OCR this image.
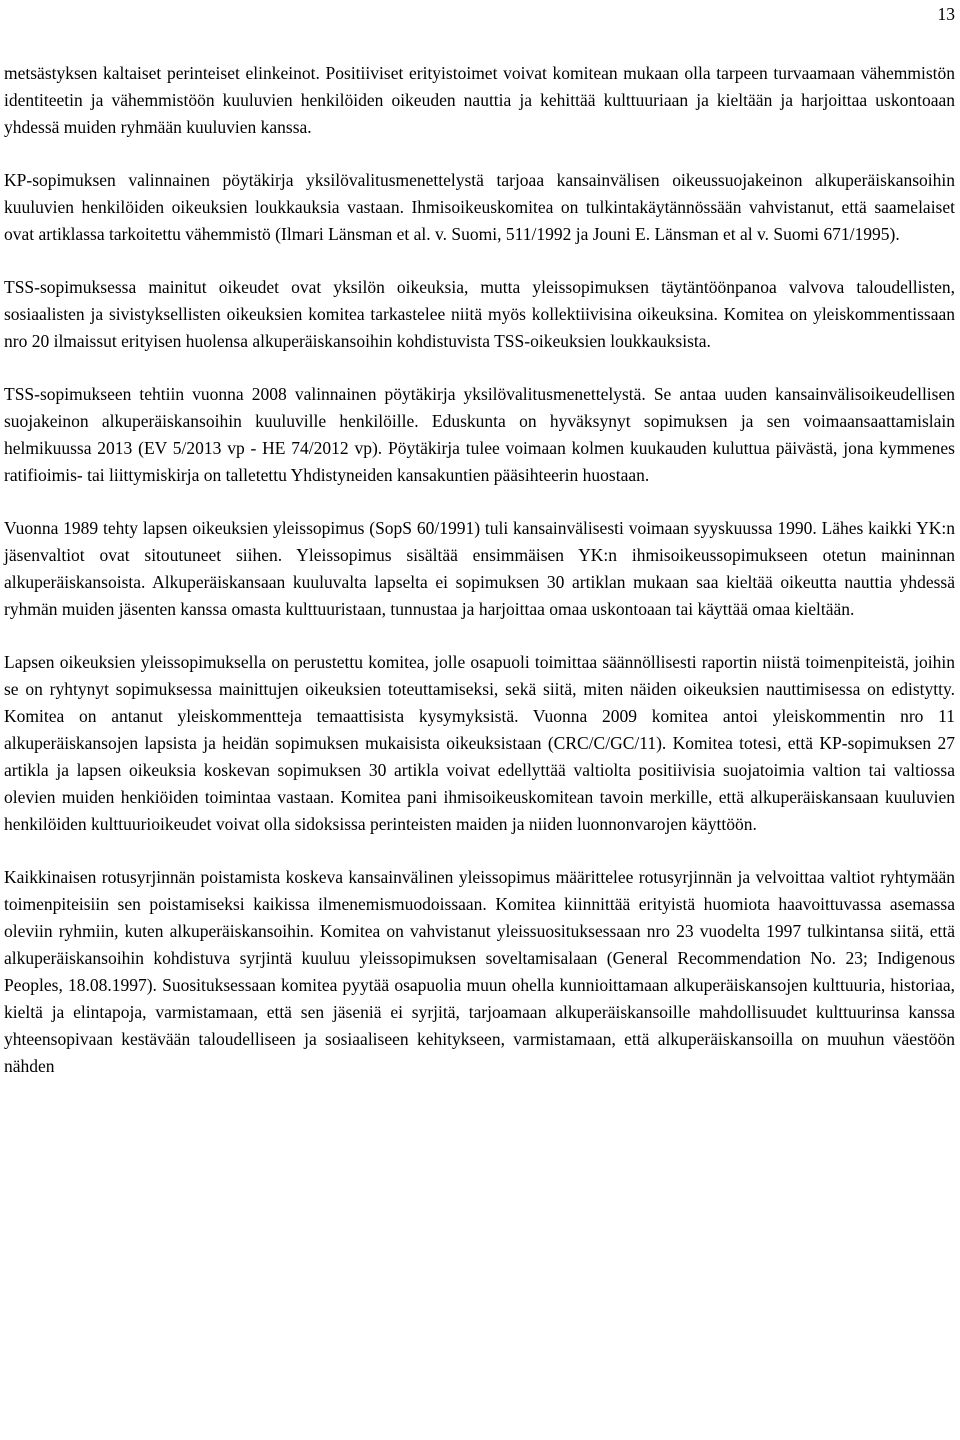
13

metsästyksen kaltaiset perinteiset elinkeinot. Positiiviset erityistoimet voivat komitean mukaan olla tarpeen turvaamaan vähemmistön identiteetin ja vähemmistöön kuuluvien henkilöiden oikeuden nauttia ja kehittää kulttuuriaan ja kieltään ja harjoittaa uskontoaan yhdessä muiden ryhmään kuuluvien kanssa.

KP-sopimuksen valinnainen pöytäkirja yksilövalitusmenettelystä tarjoaa kansainvälisen oikeussuojakeinon alkuperäiskansoihin kuuluvien henkilöiden oikeuksien loukkauksia vastaan. Ihmisoikeuskomitea on tulkintakäytännössään vahvistanut, että saamelaiset ovat artiklassa tarkoitettu vähemmistö (Ilmari Länsman et al. v. Suomi, 511/1992 ja Jouni E. Länsman et al v. Suomi 671/1995).

TSS-sopimuksessa mainitut oikeudet ovat yksilön oikeuksia, mutta yleissopimuksen täytäntöönpanoa valvova taloudellisten, sosiaalisten ja sivistyksellisten oikeuksien komitea tarkastelee niitä myös kollektiivisina oikeuksina. Komitea on yleiskommentissaan nro 20 ilmaissut erityisen huolensa alkuperäiskansoihin kohdistuvista TSS-oikeuksien loukkauksista.

TSS-sopimukseen tehtiin vuonna 2008 valinnainen pöytäkirja yksilövalitusmenettelystä. Se antaa uuden kansainvälisoikeudellisen suojakeinon alkuperäiskansoihin kuuluville henkilöille. Eduskunta on hyväksynyt sopimuksen ja sen voimaansaattamislain helmikuussa 2013 (EV 5/2013 vp - HE 74/2012 vp). Pöytäkirja tulee voimaan kolmen kuukauden kuluttua päivästä, jona kymmenes ratifioimis- tai liittymiskirja on talletettu Yhdistyneiden kansakuntien pääsihteerin huostaan.

Vuonna 1989 tehty lapsen oikeuksien yleissopimus (SopS 60/1991) tuli kansainvälisesti voimaan syyskuussa 1990. Lähes kaikki YK:n jäsenvaltiot ovat sitoutuneet siihen. Yleissopimus sisältää ensimmäisen YK:n ihmisoikeussopimukseen otetun maininnan alkuperäiskansoista. Alkuperäiskansaan kuuluvalta lapselta ei sopimuksen 30 artiklan mukaan saa kieltää oikeutta nauttia yhdessä ryhmän muiden jäsenten kanssa omasta kulttuuristaan, tunnustaa ja harjoittaa omaa uskontoaan tai käyttää omaa kieltään.

Lapsen oikeuksien yleissopimuksella on perustettu komitea, jolle osapuoli toimittaa säännöllisesti raportin niistä toimenpiteistä, joihin se on ryhtynyt sopimuksessa mainittujen oikeuksien toteuttamiseksi, sekä siitä, miten näiden oikeuksien nauttimisessa on edistytty. Komitea on antanut yleiskommentteja temaattisista kysymyksistä. Vuonna 2009 komitea antoi yleiskommentin nro 11 alkuperäiskansojen lapsista ja heidän sopimuksen mukaisista oikeuksistaan (CRC/C/GC/11). Komitea totesi, että KP-sopimuksen 27 artikla ja lapsen oikeuksia koskevan sopimuksen 30 artikla voivat edellyttää valtiolta positiivisia suojatoimia valtion tai valtiossa olevien muiden henkiöiden toimintaa vastaan. Komitea pani ihmisoikeuskomitean tavoin merkille, että alkuperäiskansaan kuuluvien henkilöiden kulttuurioikeudet voivat olla sidoksissa perinteisten maiden ja niiden luonnonvarojen käyttöön.

Kaikkinaisen rotusyrjinnän poistamista koskeva kansainvälinen yleissopimus määrittelee rotusyrjinnän ja velvoittaa valtiot ryhtymään toimenpiteisiin sen poistamiseksi kaikissa ilmenemismuodoissaan. Komitea kiinnittää erityistä huomiota haavoittuvassa asemassa oleviin ryhmiin, kuten alkuperäiskansoihin. Komitea on vahvistanut yleissuosituksessaan nro 23 vuodelta 1997 tulkintansa siitä, että alkuperäiskansoihin kohdistuva syrjintä kuuluu yleissopimuksen soveltamisalaan (General Recommendation No. 23; Indigenous Peoples, 18.08.1997). Suosituksessaan komitea pyytää osapuolia muun ohella kunnioittamaan alkuperäiskansojen kulttuuria, historiaa, kieltä ja elintapoja, varmistamaan, että sen jäseniä ei syrjitä, tarjoamaan alkuperäiskansoille mahdollisuudet kulttuurinsa kanssa yhteensopivaan kestävään taloudelliseen ja sosiaaliseen kehitykseen, varmistamaan, että alkuperäiskansoilla on muuhun väestöön nähden
